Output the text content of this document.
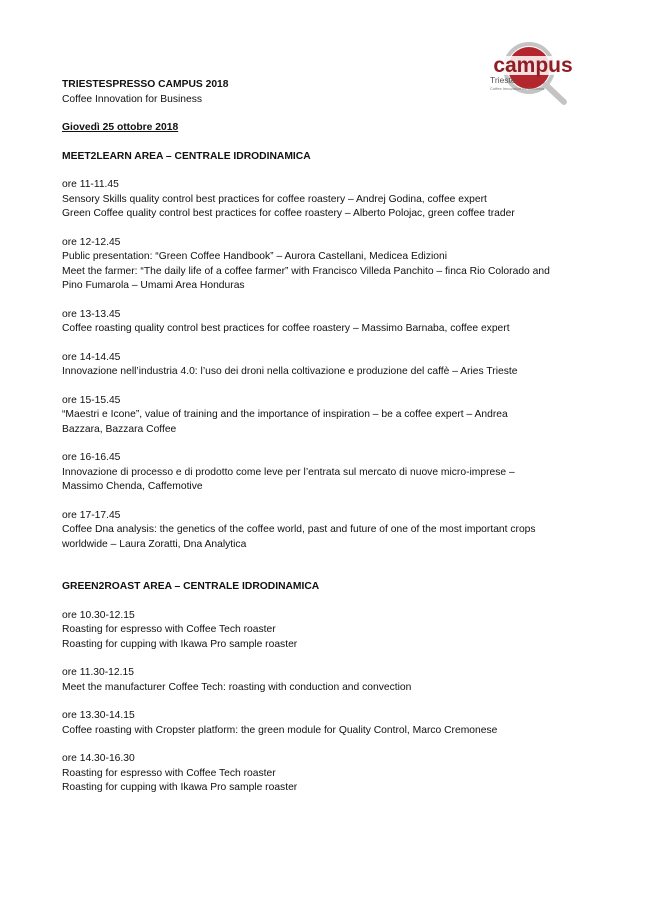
campus
Trieste
Coffee Innovation for Business
TRIESTESPRESSO CAMPUS 2018
Coffee Innovation for Business
Giovedì 25 ottobre 2018
MEET2LEARN AREA – CENTRALE IDRODINAMICA
ore 11-11.45
Sensory Skills quality control best practices for coffee roastery – Andrej Godina, coffee expert
Green Coffee quality control best practices for coffee roastery – Alberto Polojac, green coffee trader
ore 12-12.45
Public presentation: “Green Coffee Handbook” – Aurora Castellani, Medicea Edizioni
Meet the farmer: “The daily life of a coffee farmer” with Francisco Villeda Panchito – finca Rio Colorado and
Pino Fumarola – Umami Area Honduras
ore 13-13.45
Coffee roasting quality control best practices for coffee roastery – Massimo Barnaba, coffee expert
ore 14-14.45
Innovazione nell’industria 4.0: l’uso dei droni nella coltivazione e produzione del caffè – Aries Trieste
ore 15-15.45
“Maestri e Icone”, value of training and the importance of inspiration – be a coffee expert – Andrea
Bazzara, Bazzara Coffee
ore 16-16.45
Innovazione di processo e di prodotto come leve per l’entrata sul mercato di nuove micro-imprese –
Massimo Chenda, Caffemotive
ore 17-17.45
Coffee Dna analysis: the genetics of the coffee world, past and future of one of the most important crops
worldwide – Laura Zoratti, Dna Analytica
GREEN2ROAST AREA – CENTRALE IDRODINAMICA
ore 10.30-12.15
Roasting for espresso with Coffee Tech roaster
Roasting for cupping with Ikawa Pro sample roaster
ore 11.30-12.15
Meet the manufacturer Coffee Tech: roasting with conduction and convection
ore 13.30-14.15
Coffee roasting with Cropster platform: the green module for Quality Control, Marco Cremonese
ore 14.30-16.30
Roasting for espresso with Coffee Tech roaster
Roasting for cupping with Ikawa Pro sample roaster
